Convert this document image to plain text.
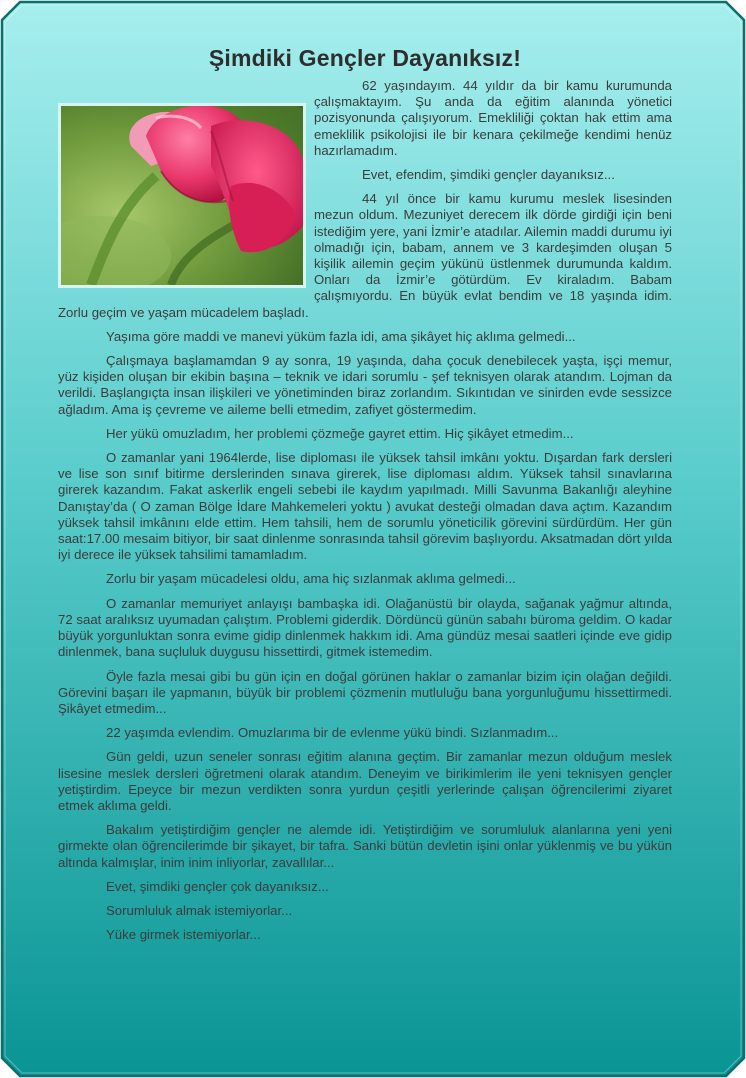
Şimdiki Gençler Dayanıksız!

62 yaşındayım. 44 yıldır da bir kamu kurumunda çalışmaktayım. Şu anda da eğitim alanında yönetici pozisyonunda çalışıyorum. Emekliliği çoktan hak ettim ama emeklilik psikolojisi ile bir kenara çekilmeğe kendimi henüz hazırlamadım.

Evet, efendim, şimdiki gençler dayanıksız...

44 yıl önce bir kamu kurumu meslek lisesinden mezun oldum. Mezuniyet derecem ilk dörde girdiği için beni istediğim yere, yani İzmir’e atadılar. Ailemin maddi durumu iyi olmadığı için, babam, annem ve 3 kardeşimden oluşan 5 kişilik ailemin geçim yükünü üstlenmek durumunda kaldım. Onları da İzmir’e götürdüm. Ev kiraladım. Babam çalışmıyordu. En büyük evlat bendim ve 18 yaşında idim. Zorlu geçim ve yaşam mücadelem başladı.

Yaşıma göre maddi ve manevi yüküm fazla idi, ama şikâyet hiç aklıma gelmedi...

Çalışmaya başlamamdan 9 ay sonra, 19 yaşında, daha çocuk denebilecek yaşta, işçi memur, yüz kişiden oluşan bir ekibin başına – teknik ve idari sorumlu - şef teknisyen olarak atandım. Lojman da verildi. Başlangıçta insan ilişkileri ve yönetiminden biraz zorlandım. Sıkıntıdan ve sinirden evde sessizce ağladım. Ama iş çevreme ve aileme belli etmedim, zafiyet göstermedim.

Her yükü omuzladım, her problemi çözmeğe gayret ettim. Hiç şikâyet etmedim...

O zamanlar yani 1964lerde, lise diploması ile yüksek tahsil imkânı yoktu. Dışardan fark dersleri ve lise son sınıf bitirme derslerinden sınava girerek, lise diploması aldım. Yüksek tahsil sınavlarına girerek kazandım. Fakat askerlik engeli sebebi ile kaydım yapılmadı. Milli Savunma Bakanlığı aleyhine Danıştay’da ( O zaman Bölge İdare Mahkemeleri yoktu ) avukat desteği olmadan dava açtım. Kazandım yüksek tahsil imkânını elde ettim. Hem tahsili, hem de sorumlu yöneticilik görevini sürdürdüm. Her gün saat:17.00 mesaim bitiyor, bir saat dinlenme sonrasında tahsil görevim başlıyordu. Aksatmadan dört yılda iyi derece ile yüksek tahsilimi tamamladım.

Zorlu bir yaşam mücadelesi oldu, ama hiç sızlanmak aklıma gelmedi...

O zamanlar memuriyet anlayışı bambaşka idi. Olağanüstü bir olayda, sağanak yağmur altında, 72 saat aralıksız uyumadan çalıştım. Problemi giderdik. Dördüncü günün sabahı büroma geldim. O kadar büyük yorgunluktan sonra evime gidip dinlenmek hakkım idi. Ama gündüz mesai saatleri içinde eve gidip dinlenmek, bana suçluluk duygusu hissettirdi, gitmek istemedim.

Öyle fazla mesai gibi bu gün için en doğal görünen haklar o zamanlar bizim için olağan değildi. Görevini başarı ile yapmanın, büyük bir problemi çözmenin mutluluğu bana yorgunluğumu hissettirmedi. Şikâyet etmedim...

22 yaşımda evlendim. Omuzlarıma bir de evlenme yükü bindi. Sızlanmadım...

Gün geldi, uzun seneler sonrası eğitim alanına geçtim. Bir zamanlar mezun olduğum meslek lisesine meslek dersleri öğretmeni olarak atandım. Deneyim ve birikimlerim ile yeni teknisyen gençler yetiştirdim. Epeyce bir mezun verdikten sonra yurdun çeşitli yerlerinde çalışan öğrencilerimi ziyaret etmek aklıma geldi.

Bakalım yetiştirdiğim gençler ne alemde idi. Yetiştirdiğim ve sorumluluk alanlarına yeni yeni girmekte olan öğrencilerimde bir şikayet, bir tafra. Sanki bütün devletin işini onlar yüklenmiş ve bu yükün altında kalmışlar, inim inim inliyorlar, zavallılar...

Evet, şimdiki gençler çok dayanıksız...

Sorumluluk almak istemiyorlar...

Yüke girmek istemiyorlar...
